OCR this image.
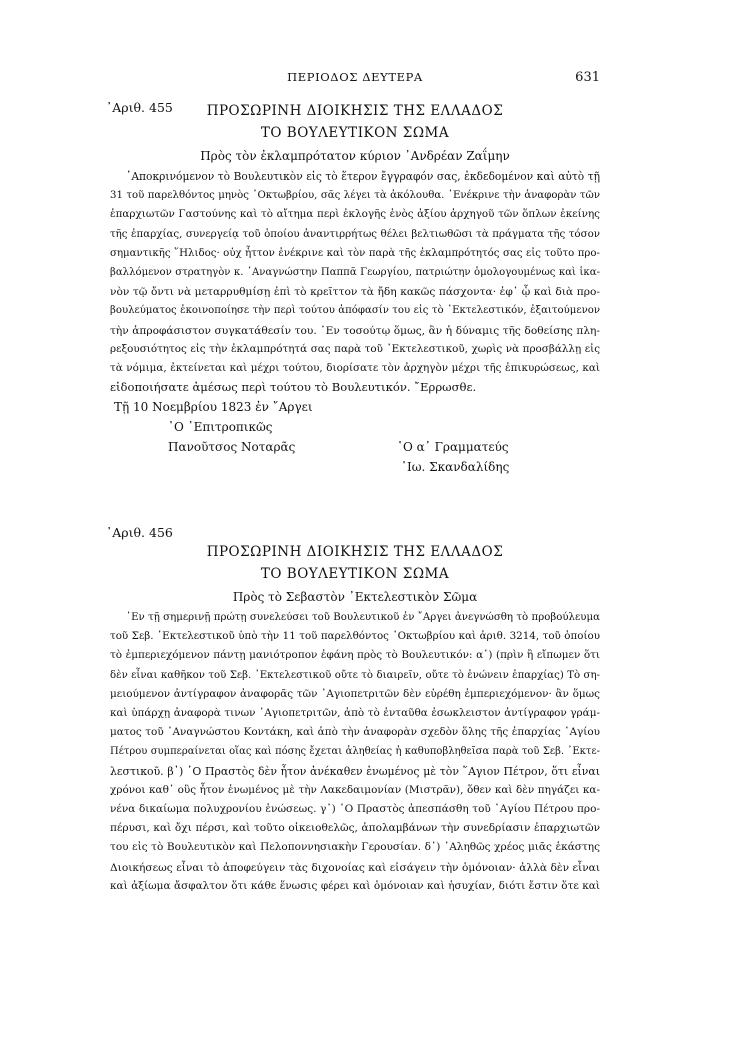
ΠΕΡΙΟΔΟΣ ΔΕΥΤΕΡΑ	631
᾽Αριθ. 455	ΠΡΟΣΩΡΙΝΗ ΔΙΟΙΚΗΣΙΣ ΤΗΣ ΕΛΛΑΔΟΣ
ΤΟ ΒΟΥΛΕΥΤΙΚΟΝ ΣΩΜΑ
Πρὸς τὸν ἐκλαμπρότατον κύριον ᾽Ανδρέαν Ζαΐμην
᾽Αποκρινόμενον τὸ Βουλευτικὸν εἰς τὸ ἕτερον ἔγγραφόν σας, ἐκδεδομένον καὶ αὐτὸ τῇ
31 τοῦ παρελθόντος μηνὸς ᾽Οκτωβρίου, σᾶς λέγει τὰ ἀκόλουθα. ᾽Ενέκρινε τὴν ἀναφορὰν τῶν
ἐπαρχιωτῶν Γαστούνης καὶ τὸ αἴτημα περὶ ἐκλογῆς ἑνὸς ἀξίου ἀρχηγοῦ τῶν ὅπλων ἐκείνης
τῆς ἐπαρχίας, συνεργείᾳ τοῦ ὁποίου ἀναντιρρήτως θέλει βελτιωθῶσι τὰ πράγματα τῆς τόσον
σημαντικῆς ῞Ηλιδος· οὐχ ἧττον ἐνέκρινε καὶ τὸν παρὰ τῆς ἐκλαμπρότητός σας εἰς τοῦτο προ-
βαλλόμενον στρατηγὸν κ. ᾽Αναγνώστην Παππᾶ Γεωργίου, πατριώτην ὁμολογουμένως καὶ ἱκα-
νὸν τῷ ὄντι νὰ μεταρρυθμίσῃ ἐπὶ τὸ κρεῖττον τὰ ἤδη κακῶς πάσχοντα· ἐφ᾽ ᾧ καὶ διὰ προ-
βουλεύματος ἐκοινοποίησε τὴν περὶ τούτου ἀπόφασίν του εἰς τὸ ᾽Εκτελεστικόν, ἐξαιτούμενον
τὴν ἀπροφάσιστον συγκατάθεσίν του. ᾽Εν τοσούτῳ ὅμως, ἂν ἡ δύναμις τῆς δοθείσης πλη-
ρεξουσιότητος εἰς τὴν ἐκλαμπρότητά σας παρὰ τοῦ ᾽Εκτελεστικοῦ, χωρὶς νὰ προσβάλλῃ εἰς
τὰ νόμιμα, ἐκτείνεται καὶ μέχρι τούτου, διορίσατε τὸν ἀρχηγὸν μέχρι τῆς ἐπικυρώσεως, καὶ
εἰδοποιήσατε ἀμέσως περὶ τούτου τὸ Βουλευτικόν. ῎Ερρωσθε.
Τῇ 10 Νοεμβρίου 1823 ἐν ῎Αργει
῾Ο ᾽Επιτροπικῶς
Πανοῦτσος Νοταρᾶς	῾Ο α᾽ Γραμματεύς
᾽Ιω. Σκανδαλίδης
᾽Αριθ. 456
ΠΡΟΣΩΡΙΝΗ ΔΙΟΙΚΗΣΙΣ ΤΗΣ ΕΛΛΑΔΟΣ
ΤΟ ΒΟΥΛΕΥΤΙΚΟΝ ΣΩΜΑ
Πρὸς τὸ Σεβαστὸν ᾽Εκτελεστικὸν Σῶμα
᾽Εν τῇ σημερινῇ πρώτῃ συνελεύσει τοῦ Βουλευτικοῦ ἐν ῎Αργει ἀνεγνώσθη τὸ προβούλευμα
τοῦ Σεβ. ᾽Εκτελεστικοῦ ὑπὸ τὴν 11 τοῦ παρελθόντος ᾽Οκτωβρίου καὶ ἀριθ. 3214, τοῦ ὁποίου
τὸ ἐμπεριεχόμενον πάντῃ μανιότροπον ἐφάνη πρὸς τὸ Βουλευτικόν: α᾽) (πρὶν ἢ εἴπωμεν ὅτι
δὲν εἶναι καθῆκον τοῦ Σεβ. ᾽Εκτελεστικοῦ οὔτε τὸ διαιρεῖν, οὔτε τὸ ἑνώνειν ἐπαρχίας) Τὸ ση-
μειούμενον ἀντίγραφον ἀναφορᾶς τῶν ᾽Αγιοπετριτῶν δὲν εὑρέθη ἐμπεριεχόμενον· ἂν ὅμως
καὶ ὑπάρχῃ ἀναφορὰ τινων ᾽Αγιοπετριτῶν, ἀπὸ τὸ ἐνταῦθα ἐσωκλειστον ἀντίγραφον γράμ-
ματος τοῦ ᾽Αναγνώστου Κοντάκη, καὶ ἀπὸ τὴν ἀναφορὰν σχεδὸν ὅλης τῆς ἐπαρχίας ῾Αγίου
Πέτρου συμπεραίνεται οἵας καὶ πόσης ἔχεται ἀληθείας ἡ καθυποβληθεῖσα παρὰ τοῦ Σεβ. ᾽Εκτε-
λεστικοῦ. β᾽) ῾Ο Πραστὸς δὲν ἦτον ἀνέκαθεν ἑνωμένος μὲ τὸν ῞Αγιον Πέτρον, ὅτι εἶναι
χρόνοι καθ᾽ οὓς ἦτον ἑνωμένος μὲ τὴν Λακεδαιμονίαν (Μιστρᾶν), ὅθεν καὶ δὲν πηγάζει κα-
νένα δικαίωμα πολυχρονίου ἑνώσεως. γ᾽) ῾Ο Πραστὸς ἀπεσπάσθη τοῦ ῾Αγίου Πέτρου προ-
πέρυσι, καὶ ὄχι πέρσι, καὶ τοῦτο οἰκειοθελῶς, ἀπολαμβάνων τὴν συνεδρίασιν ἐπαρχιωτῶν
του εἰς τὸ Βουλευτικὸν καὶ Πελοποννησιακὴν Γερουσίαν. δ᾽) ᾽Αληθῶς χρέος μιᾶς ἑκάστης
Διοικήσεως εἶναι τὸ ἀποφεύγειν τὰς διχονοίας καὶ εἰσάγειν τὴν ὁμόνοιαν· ἀλλὰ δὲν εἶναι
καὶ ἀξίωμα ἄσφαλτον ὅτι κάθε ἕνωσις φέρει καὶ ὁμόνοιαν καὶ ἡσυχίαν, διότι ἔστιν ὅτε καὶ
